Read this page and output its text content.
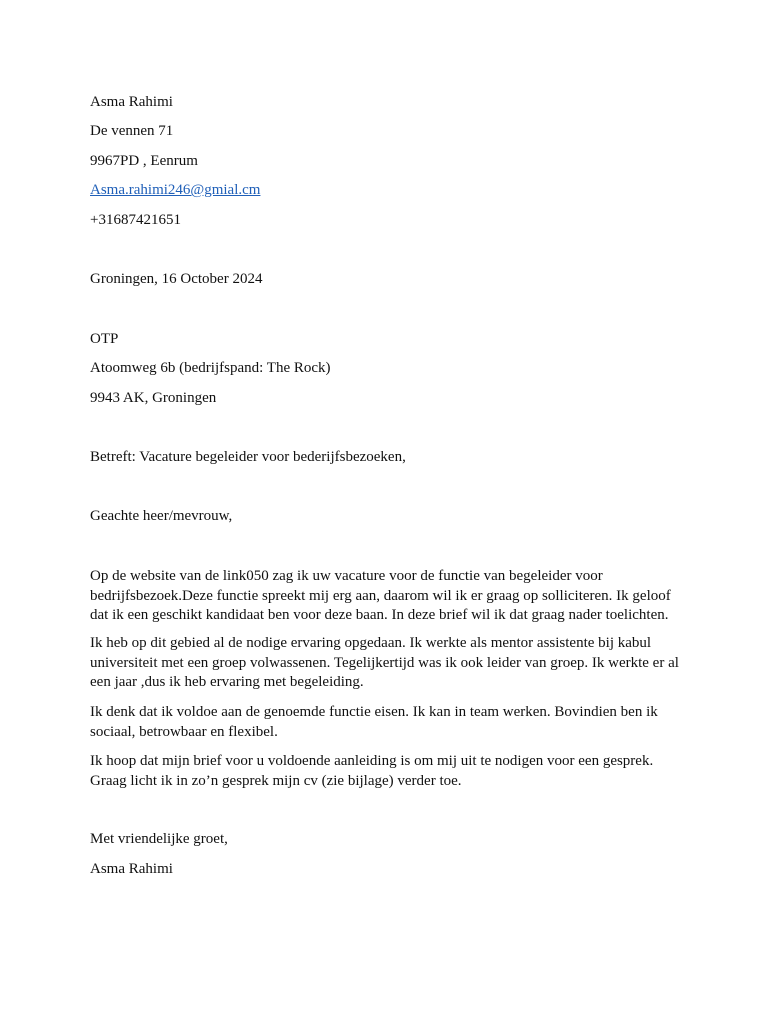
Asma Rahimi
De vennen 71
9967PD , Eenrum
Asma.rahimi246@gmial.cm
+31687421651
Groningen, 16 October 2024
OTP
Atoomweg 6b (bedrijfspand: The Rock)
9943 AK, Groningen
Betreft: Vacature begeleider voor bederijfsbezoeken,
Geachte heer/mevrouw,
Op de website van de link050 zag ik uw vacature voor de functie van begeleider voor bedrijfsbezoek.Deze functie spreekt mij erg aan, daarom wil ik er graag op solliciteren. Ik geloof dat ik een geschikt kandidaat ben voor deze baan. In deze brief wil ik dat graag nader toelichten.
Ik heb op dit gebied al de nodige ervaring opgedaan. Ik werkte als mentor assistente bij kabul universiteit met een groep volwassenen. Tegelijkertijd was ik ook leider van groep. Ik werkte er al een jaar ,dus ik heb ervaring met begeleiding.
Ik denk dat ik voldoe aan de genoemde functie eisen. Ik kan in team werken. Bovindien ben ik sociaal, betrowbaar en flexibel.
Ik hoop dat mijn brief voor u voldoende aanleiding is om mij uit te nodigen voor een gesprek. Graag licht ik in zo’n gesprek mijn cv (zie bijlage) verder toe.
Met vriendelijke groet,
Asma Rahimi
